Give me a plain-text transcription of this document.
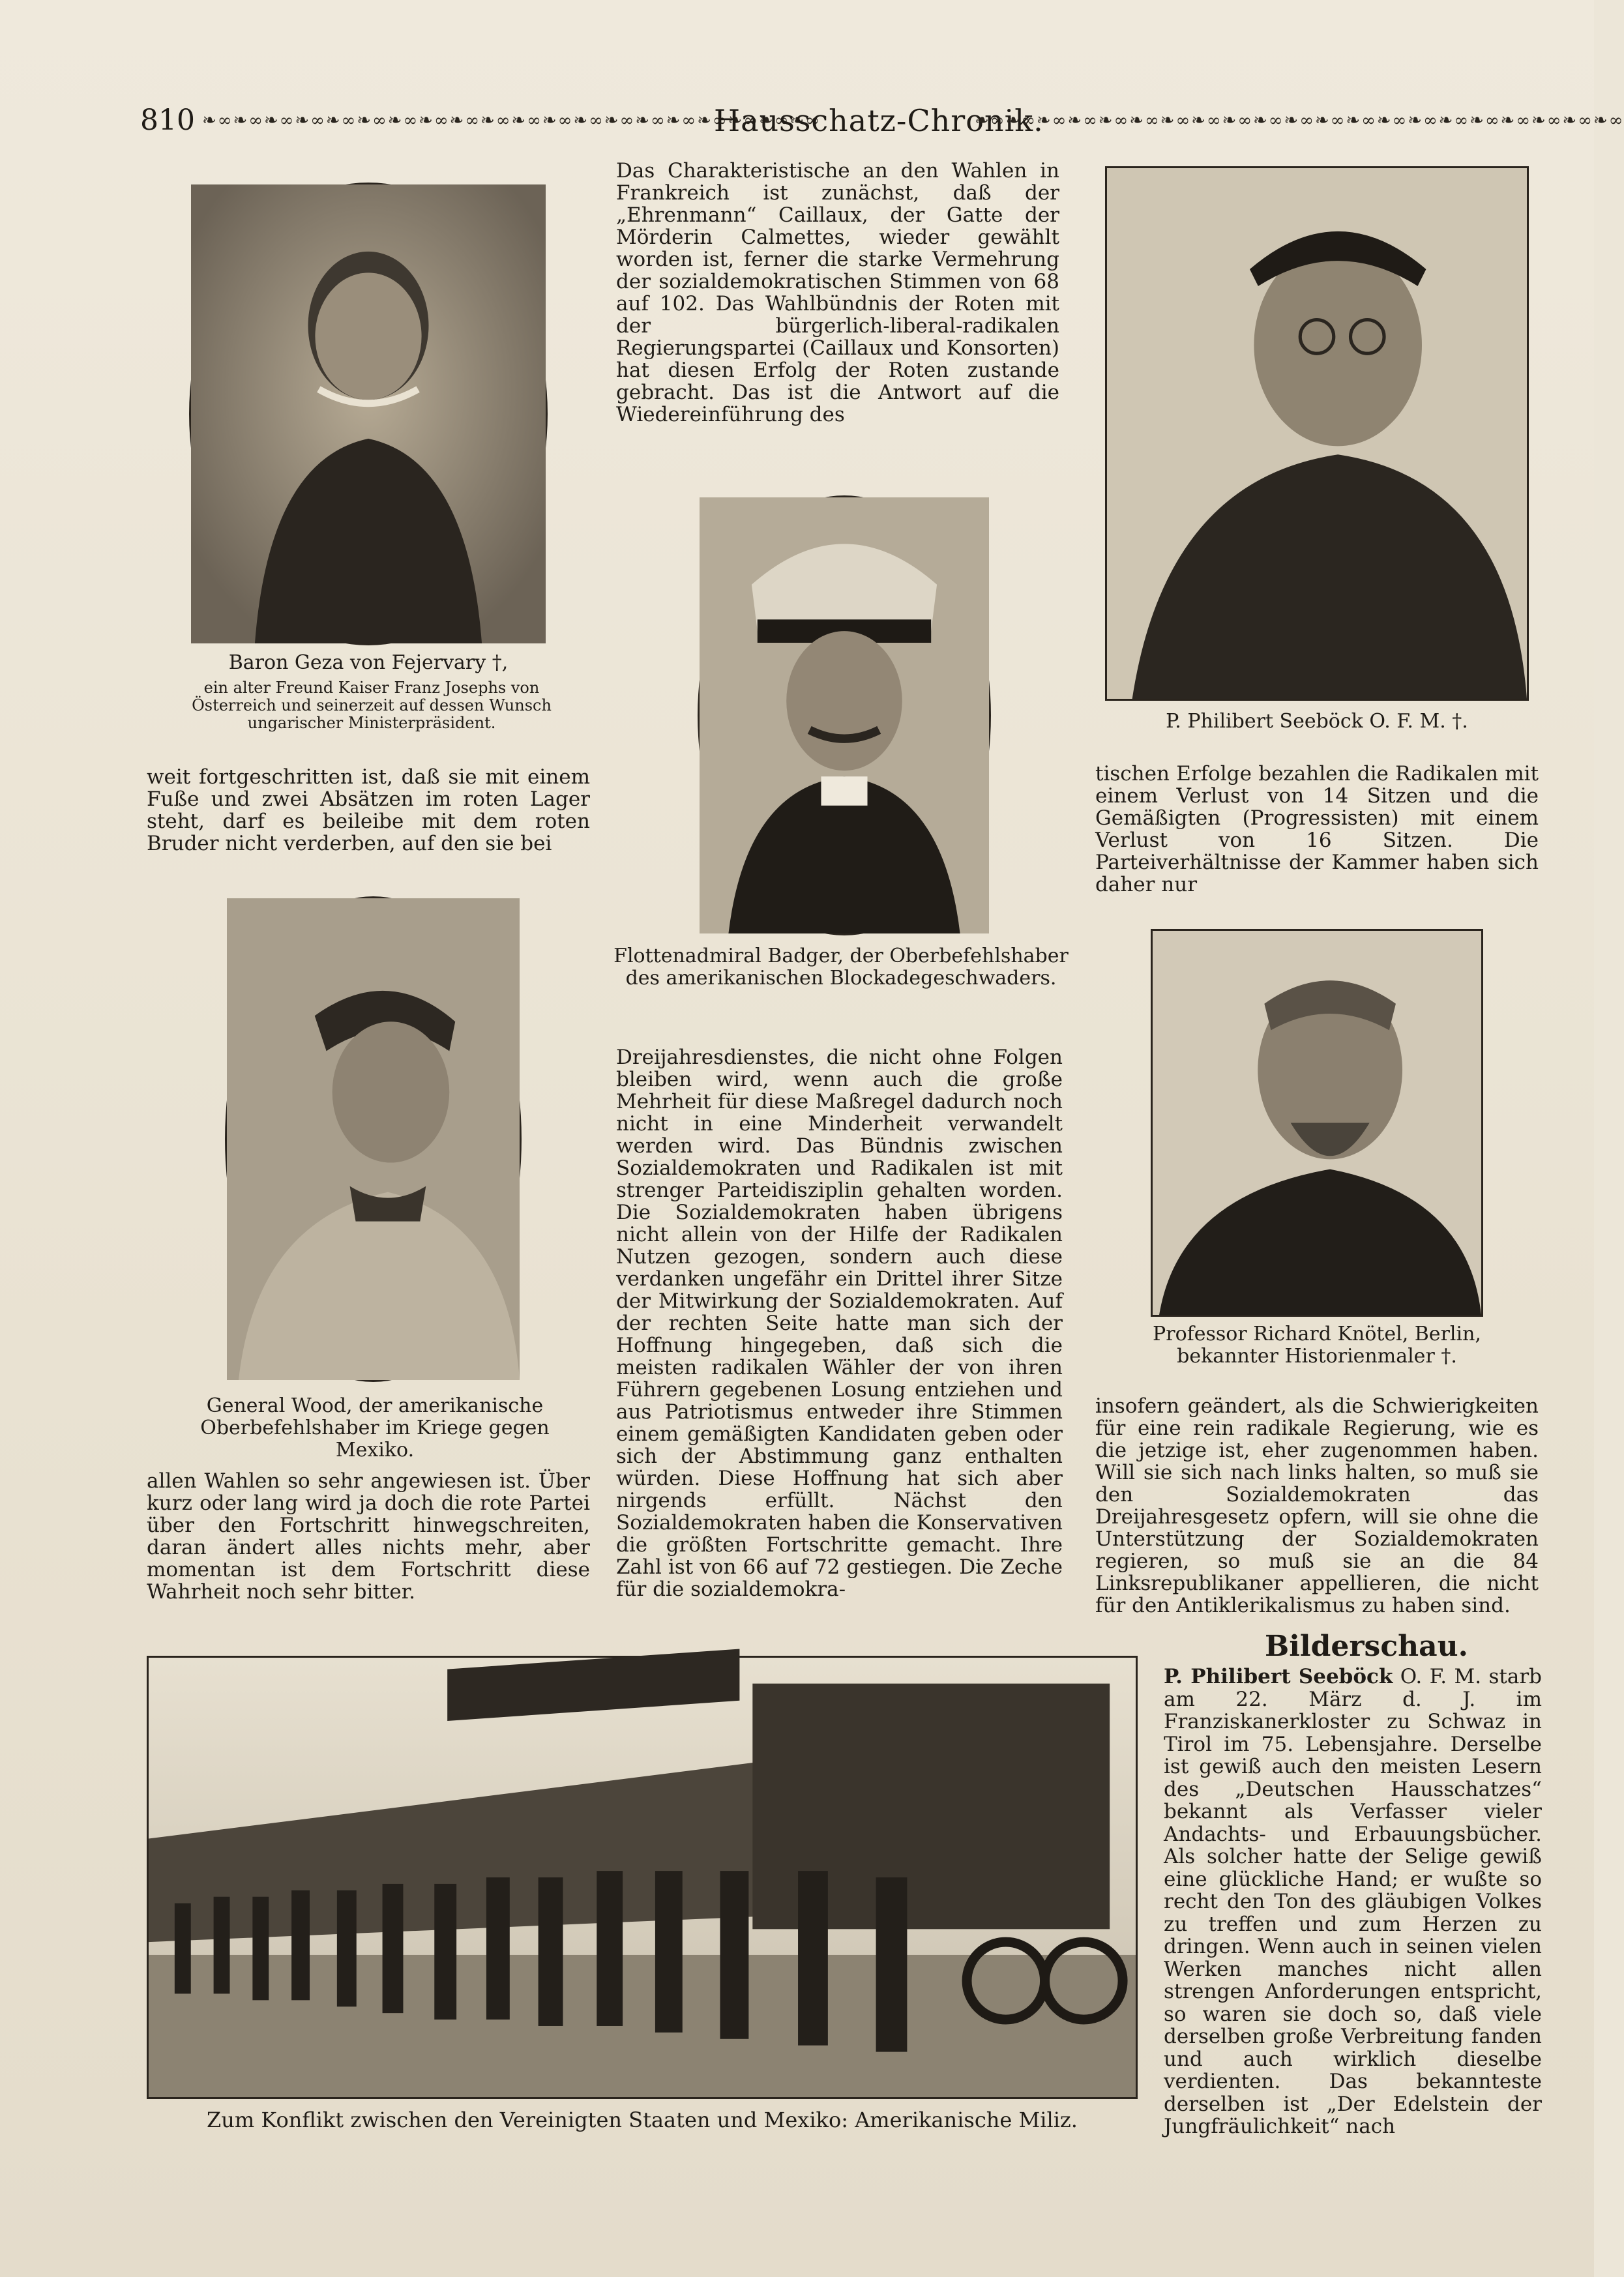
810 ❧∞❧∞❧∞❧∞❧∞❧∞❧∞❧∞❧∞❧∞❧∞❧∞❧∞❧∞❧∞❧∞❧∞❧∞❧∞❧∞
Hausschatz-Chronik.
❧∞❧∞❧∞❧∞❧∞❧∞❧∞❧∞❧∞❧∞❧∞❧∞❧∞❧∞❧∞❧∞❧∞❧∞❧∞❧∞❧∞

Baron Geza von Fejervary †,

ein alter Freund Kaiser Franz Josephs von Österreich und seinerzeit auf dessen Wunsch ungarischer Ministerpräsident.

Das Charakteristische an den Wahlen in Frankreich ist zunächst, daß der „Ehrenmann“ Caillaux, der Gatte der Mörderin Calmettes, wieder gewählt worden ist, ferner die starke Vermehrung der sozialdemokratischen Stimmen von 68 auf 102. Das Wahlbündnis der Roten mit der bürgerlich-liberal-radikalen Regierungspartei (Caillaux und Konsorten) hat diesen Erfolg der Roten zustande gebracht. Das ist die Antwort auf die Wiedereinführung des

P. Philibert Seeböck O. F. M. †.

Flottenadmiral Badger, der Oberbefehlshaber des amerikanischen Blockadegeschwaders.

weit fortgeschritten ist, daß sie mit einem Fuße und zwei Absätzen im roten Lager steht, darf es beileibe mit dem roten Bruder nicht verderben, auf den sie bei

tischen Erfolge bezahlen die Radikalen mit einem Verlust von 14 Sitzen und die Gemäßigten (Progressisten) mit einem Verlust von 16 Sitzen. Die Parteiverhältnisse der Kammer haben sich daher nur

Dreijahresdienstes, die nicht ohne Folgen bleiben wird, wenn auch die große Mehrheit für diese Maßregel dadurch noch nicht in eine Minderheit verwandelt werden wird. Das Bündnis zwischen Sozialdemokraten und Radikalen ist mit strenger Parteidisziplin gehalten worden. Die Sozialdemokraten haben übrigens nicht allein von der Hilfe der Radikalen Nutzen gezogen, sondern auch diese verdanken ungefähr ein Drittel ihrer Sitze der Mitwirkung der Sozialdemokraten. Auf der rechten Seite hatte man sich der Hoffnung hingegeben, daß sich die meisten radikalen Wähler der von ihren Führern gegebenen Losung entziehen und aus Patriotismus entweder ihre Stimmen einem gemäßigten Kandidaten geben oder sich der Abstimmung ganz enthalten würden. Diese Hoffnung hat sich aber nirgends erfüllt. Nächst den Sozialdemokraten haben die Konservativen die größten Fortschritte gemacht. Ihre Zahl ist von 66 auf 72 gestiegen. Die Zeche für die sozialdemokra-

Professor Richard Knötel, Berlin, bekannter Historienmaler †.

General Wood, der amerikanische Oberbefehlshaber im Kriege gegen Mexiko.

allen Wahlen so sehr angewiesen ist. Über kurz oder lang wird ja doch die rote Partei über den Fortschritt hinwegschreiten, daran ändert alles nichts mehr, aber momentan ist dem Fortschritt diese Wahrheit noch sehr bitter.

insofern geändert, als die Schwierigkeiten für eine rein radikale Regierung, wie es die jetzige ist, eher zugenommen haben. Will sie sich nach links halten, so muß sie den Sozialdemokraten das Dreijahresgesetz opfern, will sie ohne die Unterstützung der Sozialdemokraten regieren, so muß sie an die 84 Linksrepublikaner appellieren, die nicht für den Antiklerikalismus zu haben sind.

Zum Konflikt zwischen den Vereinigten Staaten und Mexiko: Amerikanische Miliz.

Bilderschau.

P. Philibert Seeböck O. F. M. starb am 22. März d. J. im Franziskanerkloster zu Schwaz in Tirol im 75. Lebensjahre. Derselbe ist gewiß auch den meisten Lesern des „Deutschen Hausschatzes“ bekannt als Verfasser vieler Andachts- und Erbauungsbücher. Als solcher hatte der Selige gewiß eine glückliche Hand; er wußte so recht den Ton des gläubigen Volkes zu treffen und zum Herzen zu dringen. Wenn auch in seinen vielen Werken manches nicht allen strengen Anforderungen entspricht, so waren sie doch so, daß viele derselben große Verbreitung fanden und auch wirklich dieselbe verdienten. Das bekannteste derselben ist „Der Edelstein der Jungfräulichkeit“ nach
